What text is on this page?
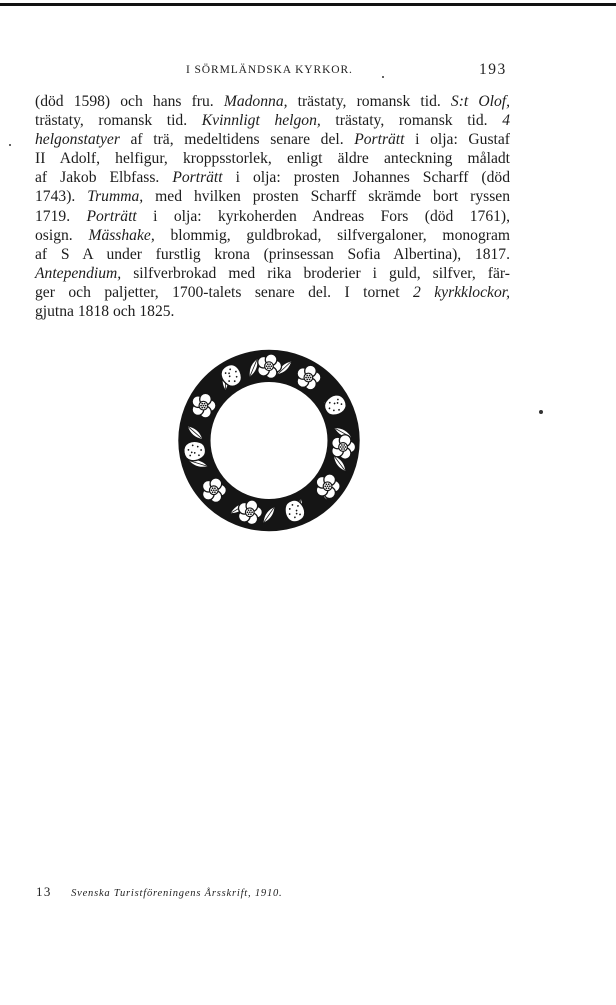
I SÖRMLÄNDSKA KYRKOR.	193
(död 1598) och hans fru. Madonna, trästaty, romansk tid. S:t Olof,
trästaty, romansk tid. Kvinnligt helgon, trästaty, romansk tid. 4
helgonstatyer af trä, medeltidens senare del. Porträtt i olja: Gustaf
II Adolf, helfigur, kroppsstorlek, enligt äldre anteckning måladt
af Jakob Elbfass. Porträtt i olja: prosten Johannes Scharff (död
1743). Trumma, med hvilken prosten Scharff skrämde bort ryssen
1719. Porträtt i olja: kyrkoherden Andreas Fors (död 1761),
osign. Mässhake, blommig, guldbrokad, silfvergaloner, monogram
af S A under furstlig krona (prinsessan Sofia Albertina), 1817.
Antependium, silfverbrokad med rika broderier i guld, silfver, fär-
ger och paljetter, 1700-talets senare del. I tornet 2 kyrkklockor,
gjutna 1818 och 1825.
13 Svenska Turistföreningens Årsskrift, 1910.
